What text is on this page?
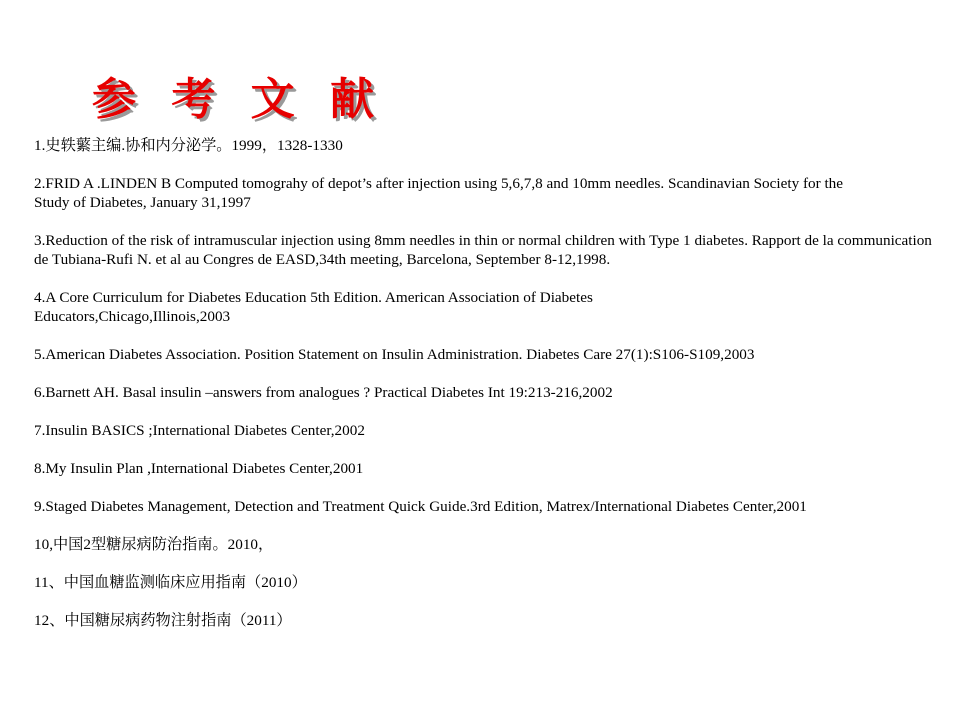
参 考 文 献

1.史轶蘩主编.协和内分泌学。1999，1328-1330

2.FRID A .LINDEN B Computed tomograhy of depot’s after injection using 5,6,7,8 and 10mm needles. Scandinavian Society for the Study of Diabetes, January 31,1997

3.Reduction of the risk of intramuscular injection using 8mm needles in thin or normal children with Type 1 diabetes. Rapport de la communication de Tubiana-Rufi N. et al au Congres de EASD,34th meeting, Barcelona, September 8-12,1998.

4.A Core Curriculum for Diabetes Education 5th Edition. American Association of Diabetes Educators,Chicago,Illinois,2003

5.American Diabetes Association. Position Statement on Insulin Administration. Diabetes Care 27(1):S106-S109,2003

6.Barnett AH. Basal insulin –answers from analogues ? Practical Diabetes Int 19:213-216,2002

7.Insulin BASICS ;International Diabetes Center,2002

8.My Insulin Plan ,International Diabetes Center,2001

9.Staged Diabetes Management, Detection and Treatment Quick Guide.3rd Edition, Matrex/International Diabetes Center,2001

10,中国2型糖尿病防治指南。2010，

11、中国血糖监测临床应用指南（2010）

12、中国糖尿病药物注射指南（2011）
